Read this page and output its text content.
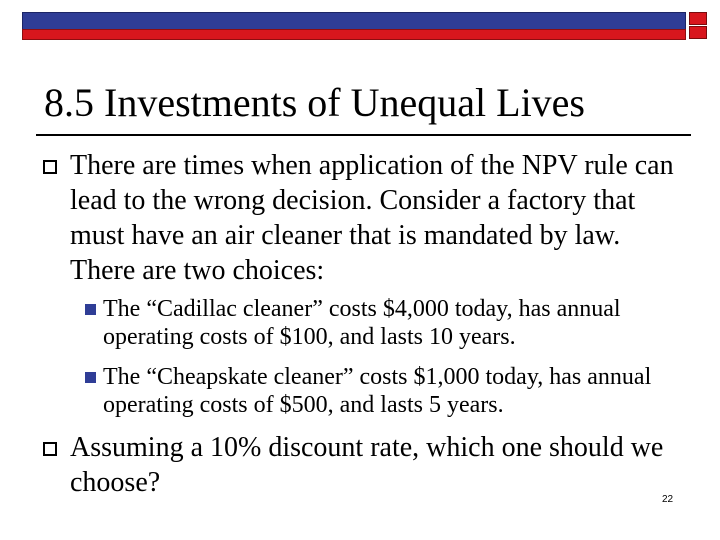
8.5 Investments of Unequal Lives
There are times when application of the NPV rule can lead to the wrong decision. Consider a factory that must have an air cleaner that is mandated by law. There are two choices:
The “Cadillac cleaner” costs $4,000 today, has annual operating costs of $100, and lasts 10 years.
The “Cheapskate cleaner” costs $1,000 today, has annual operating costs of $500, and lasts 5 years.
Assuming a 10% discount rate, which one should we choose?
22
